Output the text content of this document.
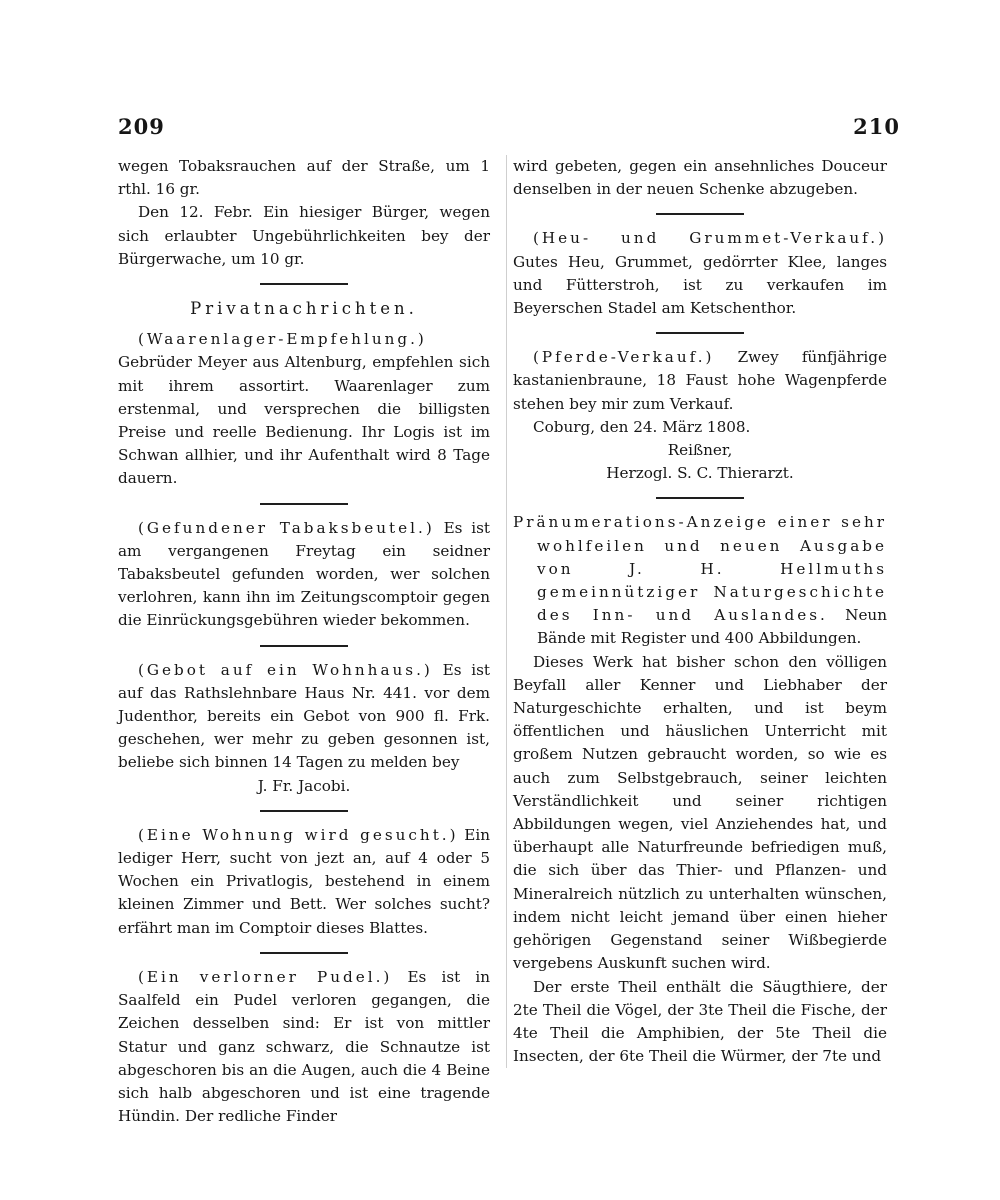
209	210

wegen Tobaksrauchen auf der Straße, um 1 rthl. 16 gr.

Den 12. Febr. Ein hiesiger Bürger, wegen sich erlaubter Ungebührlichkeiten bey der Bürgerwache, um 10 gr.

Privatnachrichten.

(Waarenlager-Empfehlung.) Gebrüder Meyer aus Altenburg, empfehlen sich mit ihrem assortirt. Waarenlager zum erstenmal, und versprechen die billigsten Preise und reelle Bedienung. Ihr Logis ist im Schwan allhier, und ihr Aufenthalt wird 8 Tage dauern.

(Gefundener Tabaksbeutel.) Es ist am vergangenen Freytag ein seidner Tabaksbeutel gefunden worden, wer solchen verlohren, kann ihn im Zeitungscomptoir gegen die Einrückungsgebühren wieder bekommen.

(Gebot auf ein Wohnhaus.) Es ist auf das Rathslehnbare Haus Nr. 441. vor dem Judenthor, bereits ein Gebot von 900 fl. Frk. geschehen, wer mehr zu geben gesonnen ist, beliebe sich binnen 14 Tagen zu melden bey

J. Fr. Jacobi.

(Eine Wohnung wird gesucht.) Ein lediger Herr, sucht von jezt an, auf 4 oder 5 Wochen ein Privatlogis, bestehend in einem kleinen Zimmer und Bett. Wer solches sucht? erfährt man im Comptoir dieses Blattes.

(Ein verlorner Pudel.) Es ist in Saalfeld ein Pudel verloren gegangen, die Zeichen desselben sind: Er ist von mittler Statur und ganz schwarz, die Schnautze ist abgeschoren bis an die Augen, auch die 4 Beine sich halb abgeschoren und ist eine tragende Hündin. Der redliche Finder

wird gebeten, gegen ein ansehnliches Douceur denselben in der neuen Schenke abzugeben.

(Heu- und Grummet-Verkauf.) Gutes Heu, Grummet, gedörrter Klee, langes und Fütterstroh, ist zu verkaufen im Beyerschen Stadel am Ketschenthor.

(Pferde-Verkauf.) Zwey fünfjährige kastanienbraune, 18 Faust hohe Wagenpferde stehen bey mir zum Verkauf.

Coburg, den 24. März 1808.

Reißner,
Herzogl. S. C. Thierarzt.

Pränumerations-Anzeige einer sehr wohlfeilen und neuen Ausgabe von J. H. Hellmuths gemeinnütziger Naturgeschichte des Inn- und Auslandes. Neun Bände mit Register und 400 Abbildungen.

Dieses Werk hat bisher schon den völligen Beyfall aller Kenner und Liebhaber der Naturgeschichte erhalten, und ist beym öffentlichen und häuslichen Unterricht mit großem Nutzen gebraucht worden, so wie es auch zum Selbstgebrauch, seiner leichten Verständlichkeit und seiner richtigen Abbildungen wegen, viel Anziehendes hat, und überhaupt alle Naturfreunde befriedigen muß, die sich über das Thier- und Pflanzen- und Mineralreich nützlich zu unterhalten wünschen, indem nicht leicht jemand über einen hieher gehörigen Gegenstand seiner Wißbegierde vergebens Auskunft suchen wird.

Der erste Theil enthält die Säugthiere, der 2te Theil die Vögel, der 3te Theil die Fische, der 4te Theil die Amphibien, der 5te Theil die Insecten, der 6te Theil die Würmer, der 7te und
